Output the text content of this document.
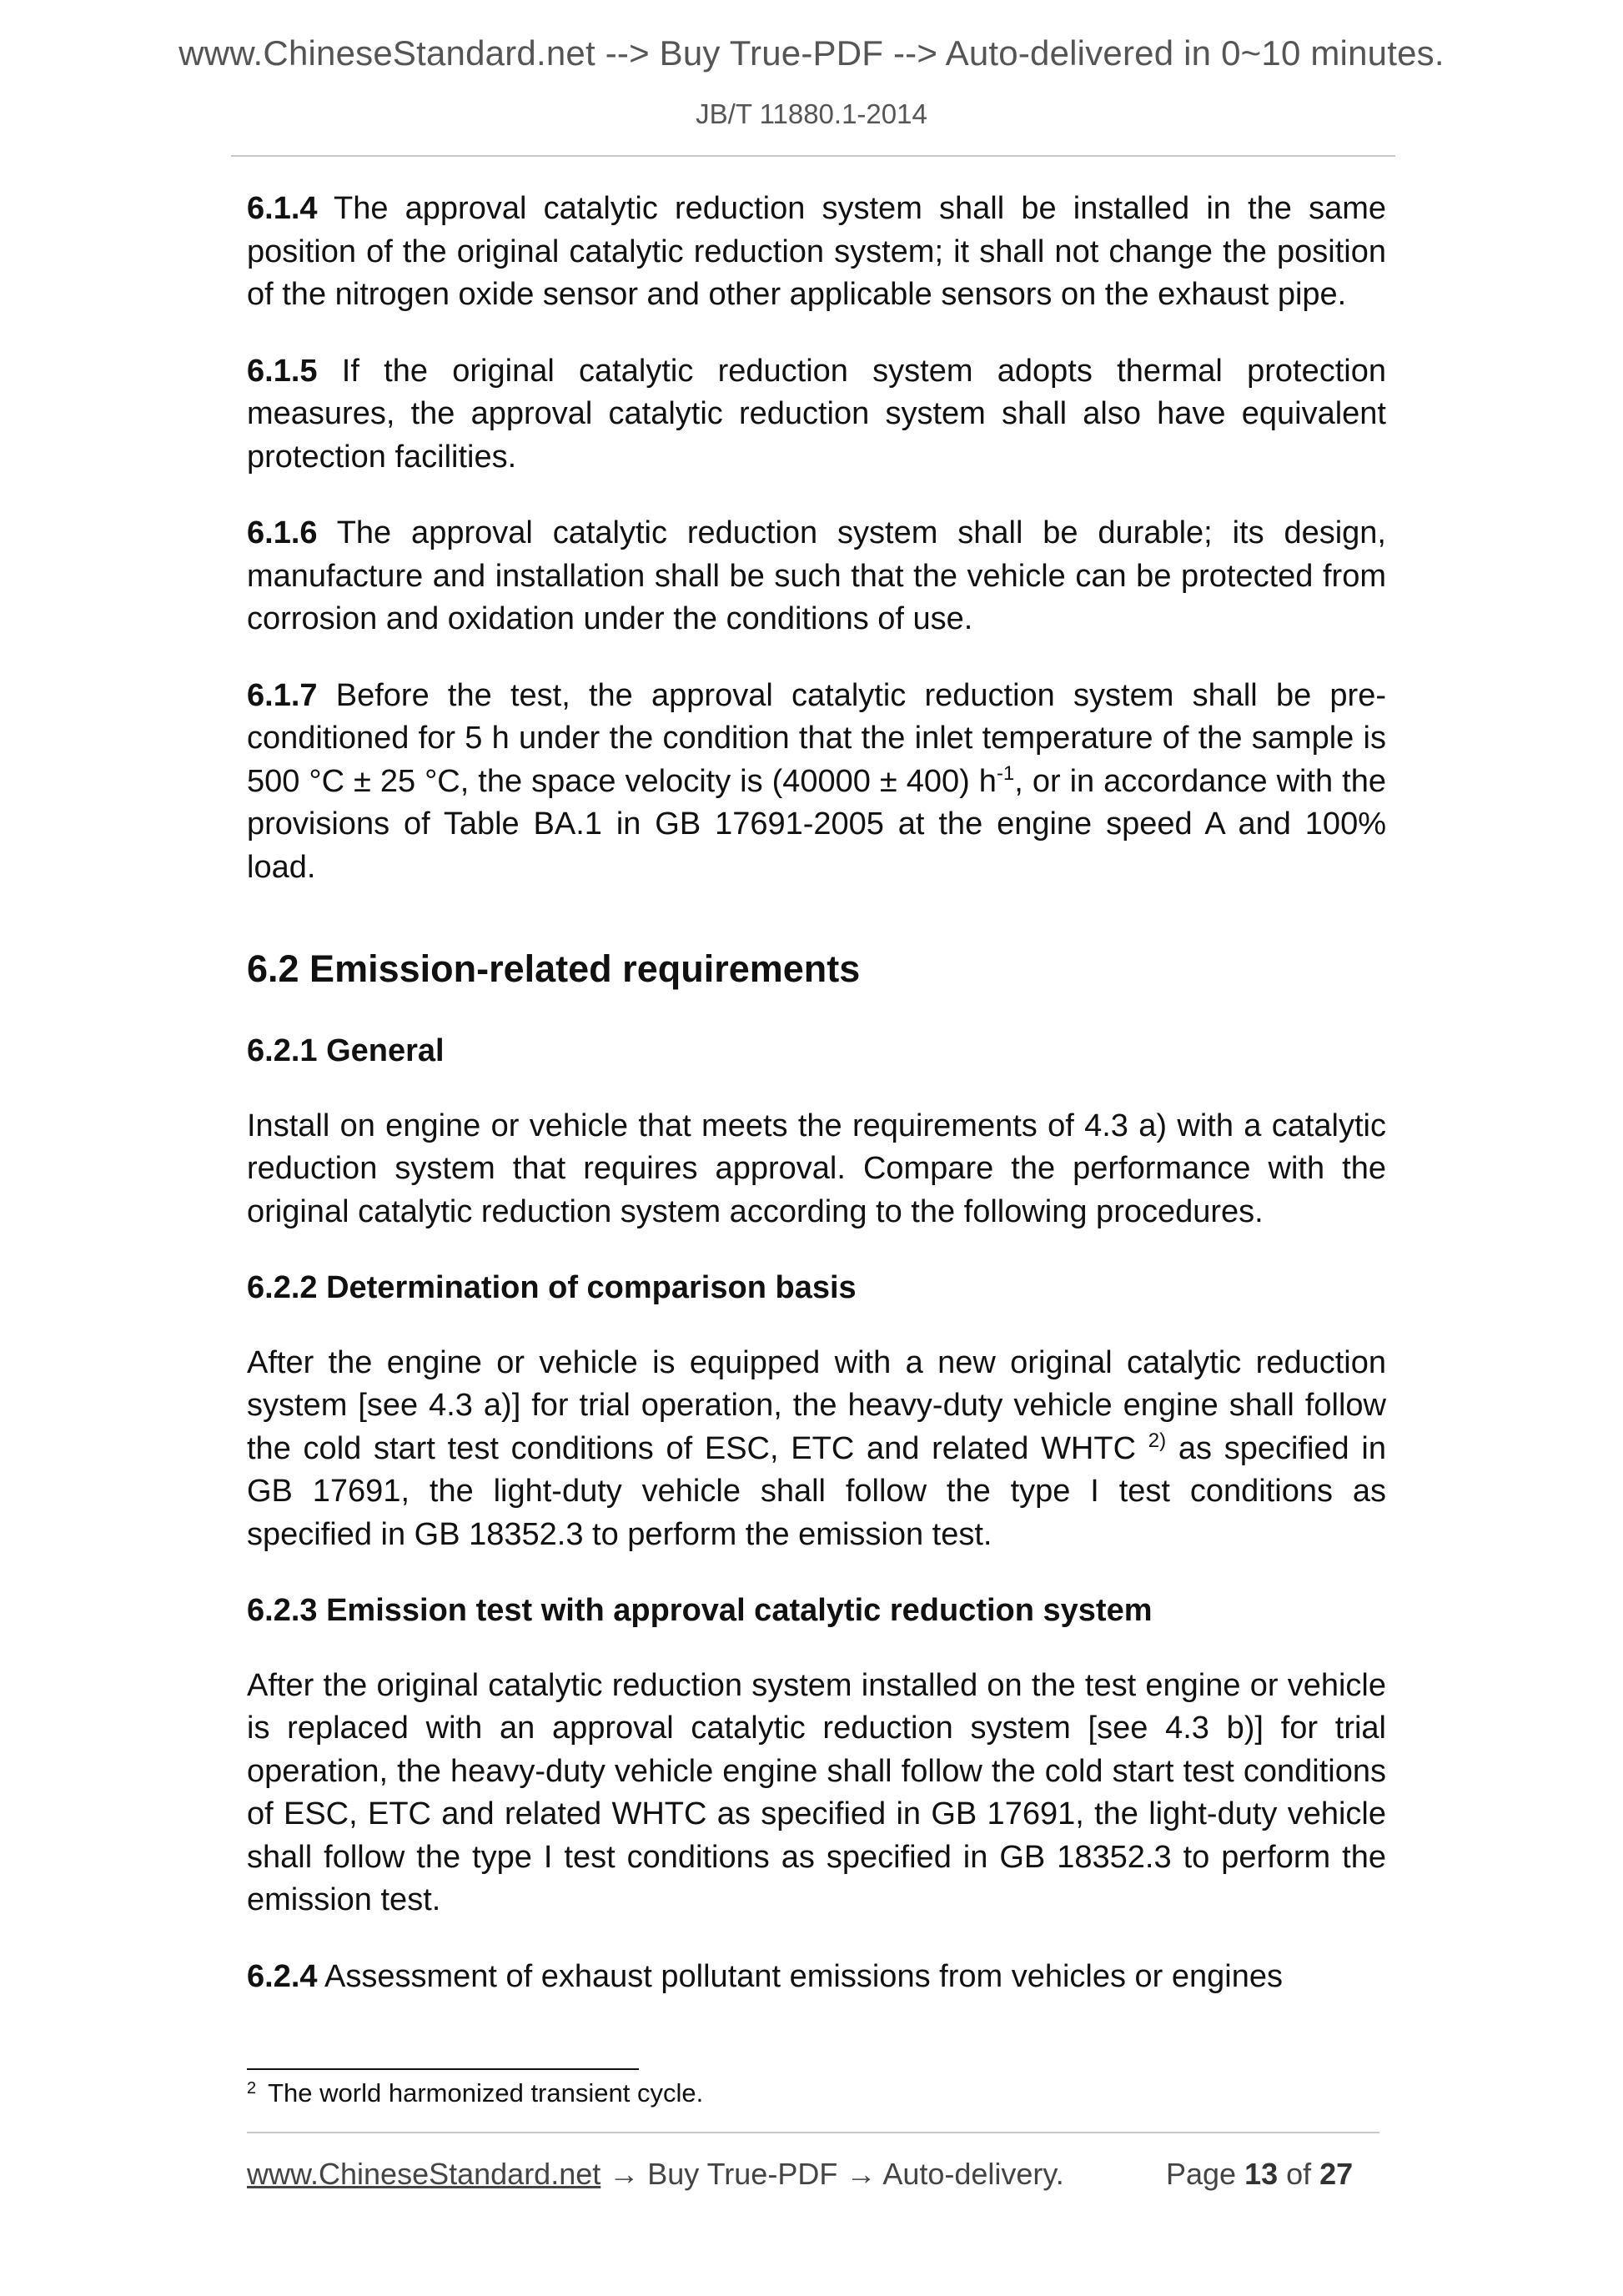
www.ChineseStandard.net --> Buy True-PDF --> Auto-delivered in 0~10 minutes.
JB/T 11880.1-2014

6.1.4 The approval catalytic reduction system shall be installed in the same position of the original catalytic reduction system; it shall not change the position of the nitrogen oxide sensor and other applicable sensors on the exhaust pipe.

6.1.5 If the original catalytic reduction system adopts thermal protection measures, the approval catalytic reduction system shall also have equivalent protection facilities.

6.1.6 The approval catalytic reduction system shall be durable; its design, manufacture and installation shall be such that the vehicle can be protected from corrosion and oxidation under the conditions of use.

6.1.7 Before the test, the approval catalytic reduction system shall be pre-conditioned for 5 h under the condition that the inlet temperature of the sample is 500 °C ± 25 °C, the space velocity is (40000 ± 400) $h^{-1}$, or in accordance with the provisions of Table BA.1 in GB 17691-2005 at the engine speed A and 100% load.

6.2 Emission-related requirements
6.2.1 General

Install on engine or vehicle that meets the requirements of 4.3 a) with a catalytic reduction system that requires approval. Compare the performance with the original catalytic reduction system according to the following procedures.

6.2.2 Determination of comparison basis

After the engine or vehicle is equipped with a new original catalytic reduction system [see 4.3 a)] for trial operation, the heavy-duty vehicle engine shall follow the cold start test conditions of ESC, ETC and related WHTC $^{2)}$ as specified in GB 17691, the light-duty vehicle shall follow the type I test conditions as specified in GB 18352.3 to perform the emission test.

6.2.3 Emission test with approval catalytic reduction system

After the original catalytic reduction system installed on the test engine or vehicle is replaced with an approval catalytic reduction system [see 4.3 b)] for trial operation, the heavy-duty vehicle engine shall follow the cold start test conditions of ESC, ETC and related WHTC as specified in GB 17691, the light-duty vehicle shall follow the type I test conditions as specified in GB 18352.3 to perform the emission test.

6.2.4 Assessment of exhaust pollutant emissions from vehicles or engines

$^2$ The world harmonized transient cycle.
www.ChineseStandard.net → Buy True-PDF → Auto-delivery.	Page 13 of 27
